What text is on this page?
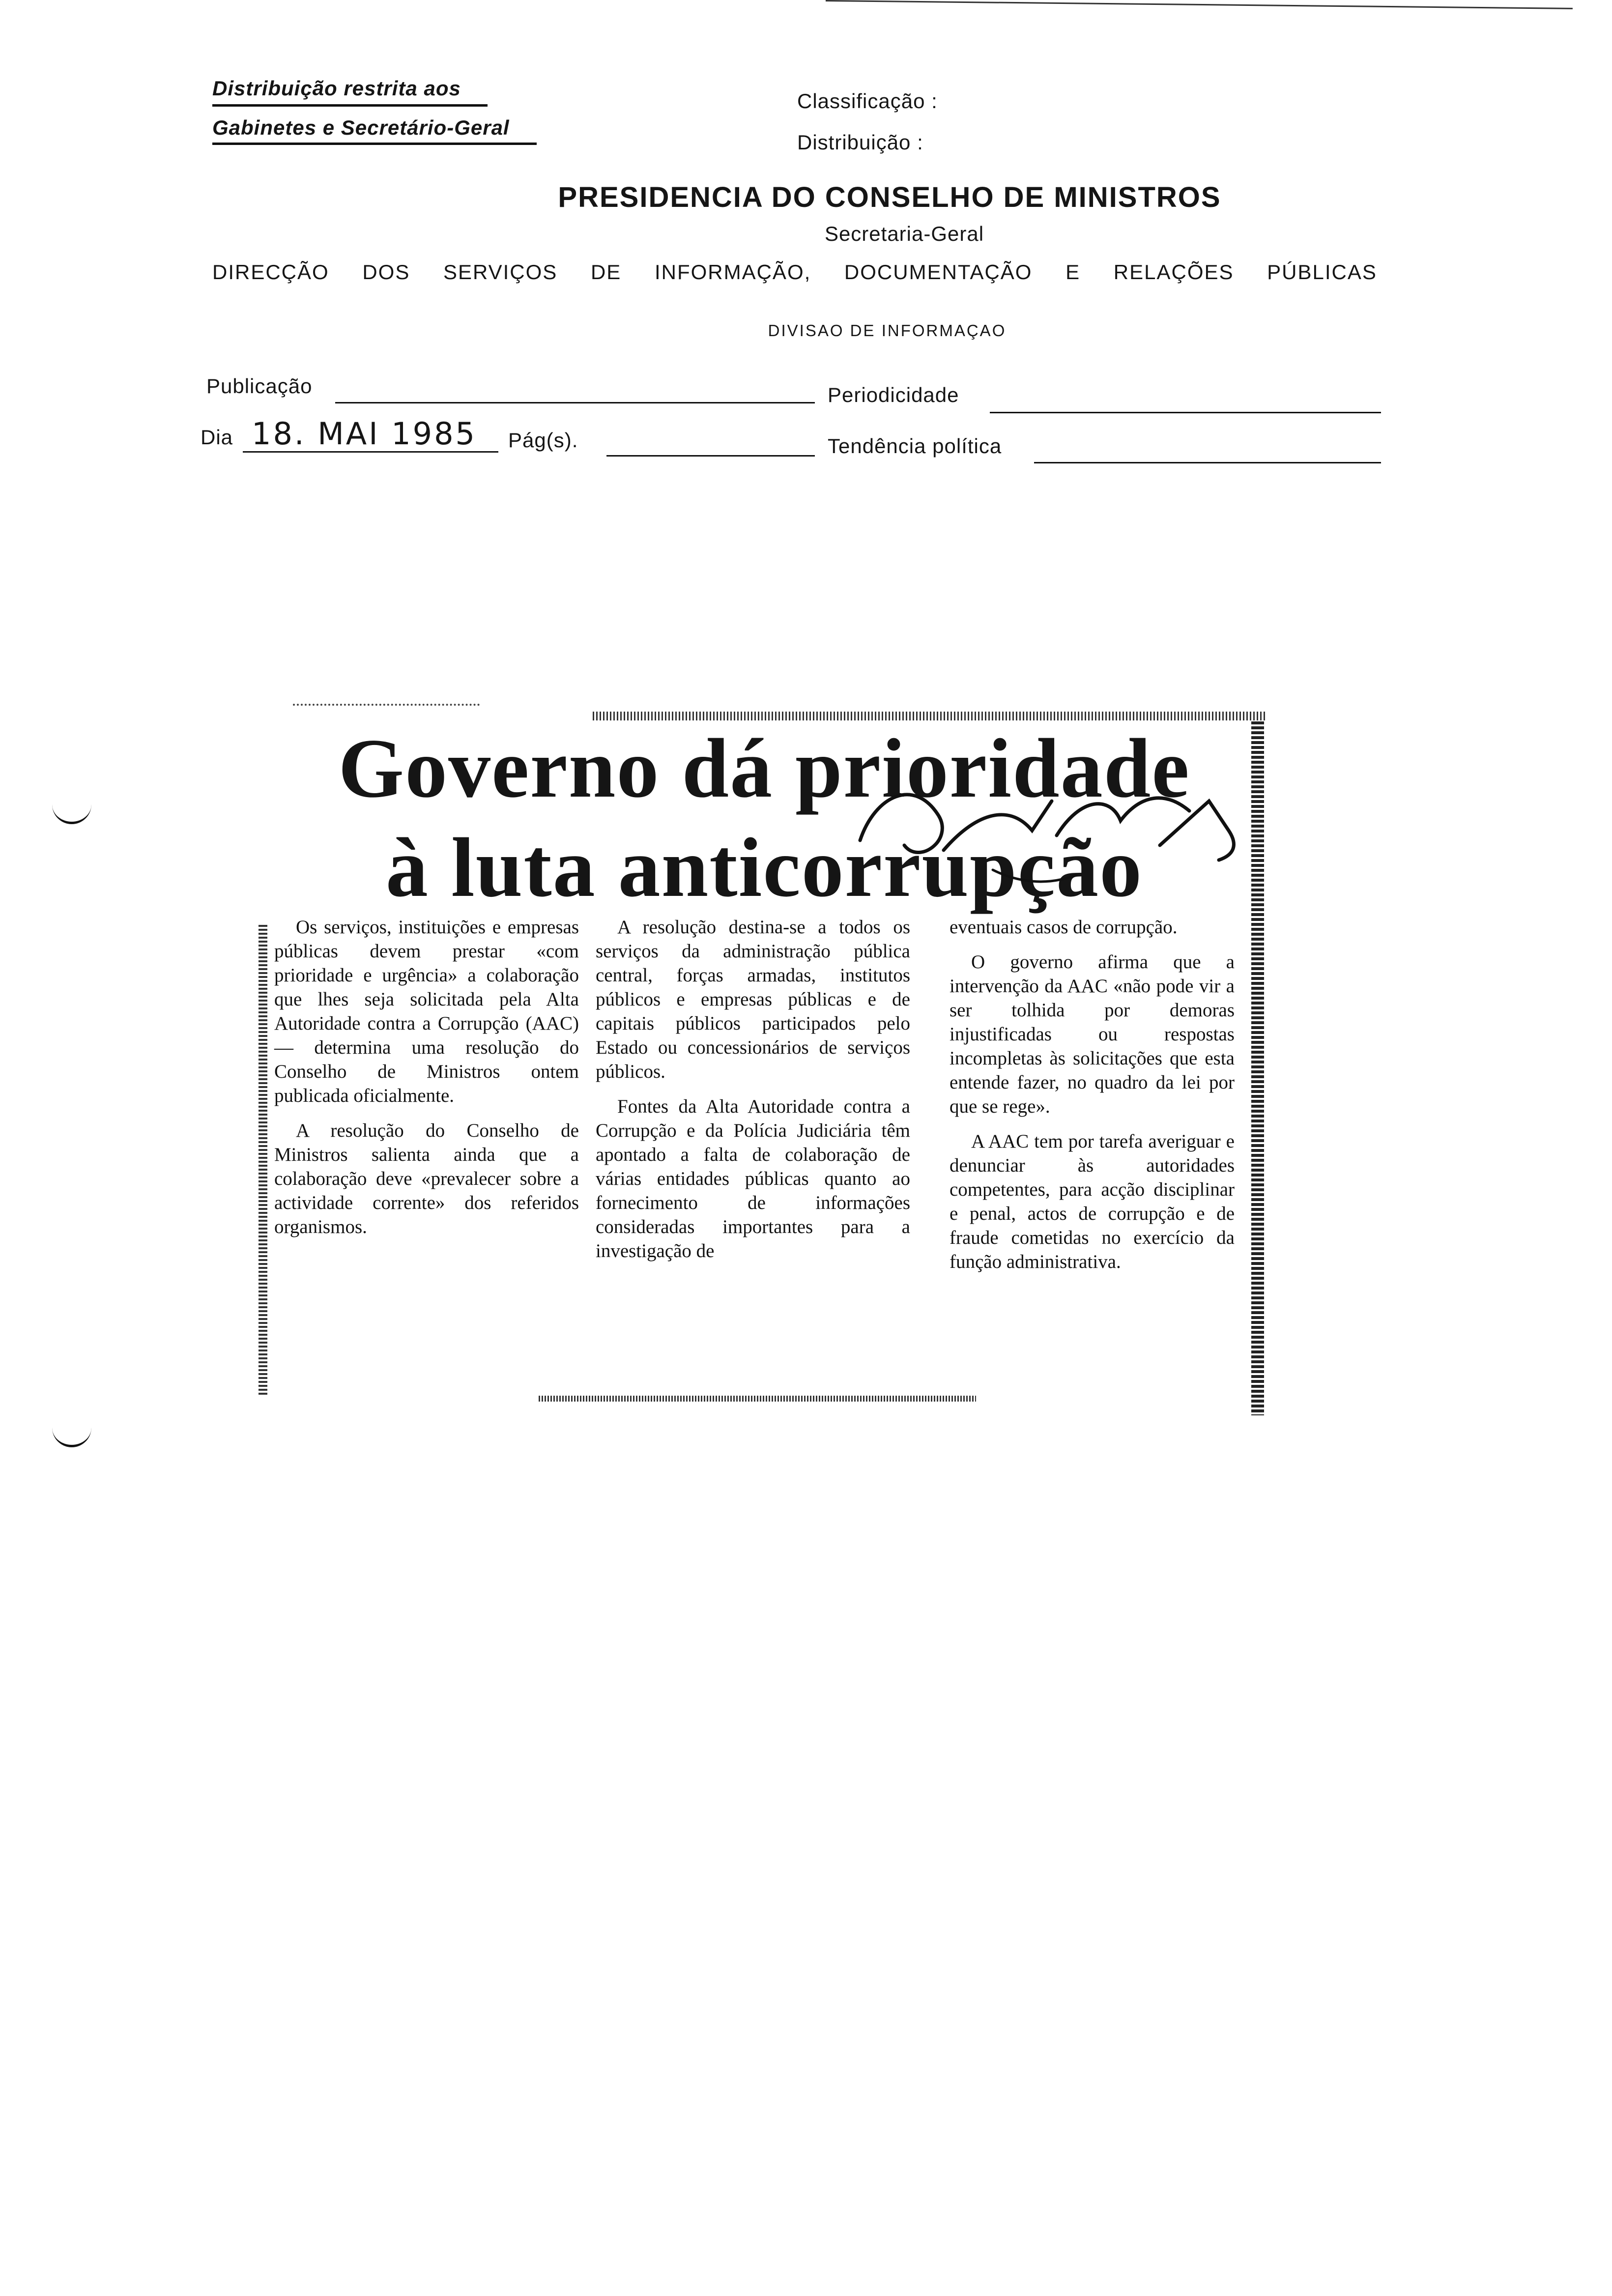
Distribuição restrita aos
Gabinetes e Secretário-Geral
Classificação :
Distribuição :
PRESIDENCIA DO CONSELHO DE MINISTROS
Secretaria-Geral
DIRECÇÃO DOS SERVIÇOS DE INFORMAÇÃO, DOCUMENTAÇÃO E RELAÇÕES PÚBLICAS
DIVISAO DE INFORMAÇAO
Publicação	Periodicidade
Dia 18. MAI 1985 Pág(s).	Tendência política
Governo dá prioridade
à luta anticorrupção

Os serviços, instituições e empresas públicas devem prestar «com prioridade e urgência» a colaboração que lhes seja solicitada pela Alta Autoridade contra a Corrupção (AAC) — determina uma resolução do Conselho de Ministros ontem publicada oficialmente.

A resolução do Conselho de Ministros salienta ainda que a colaboração deve «prevalecer sobre a actividade corrente» dos referidos organismos.

A resolução destina-se a todos os serviços da administração pública central, forças armadas, institutos públicos e empresas públicas e de capitais públicos participados pelo Estado ou concessionários de serviços públicos.

Fontes da Alta Autoridade contra a Corrupção e da Polícia Judiciária têm apontado a falta de colaboração de várias entidades públicas quanto ao fornecimento de informações consideradas importantes para a investigação de

eventuais casos de corrupção.

O governo afirma que a intervenção da AAC «não pode vir a ser tolhida por demoras injustificadas ou respostas incompletas às solicitações que esta entende fazer, no quadro da lei por que se rege».

A AAC tem por tarefa averiguar e denunciar às autoridades competentes, para acção disciplinar e penal, actos de corrupção e de fraude cometidas no exercício da função administrativa.
